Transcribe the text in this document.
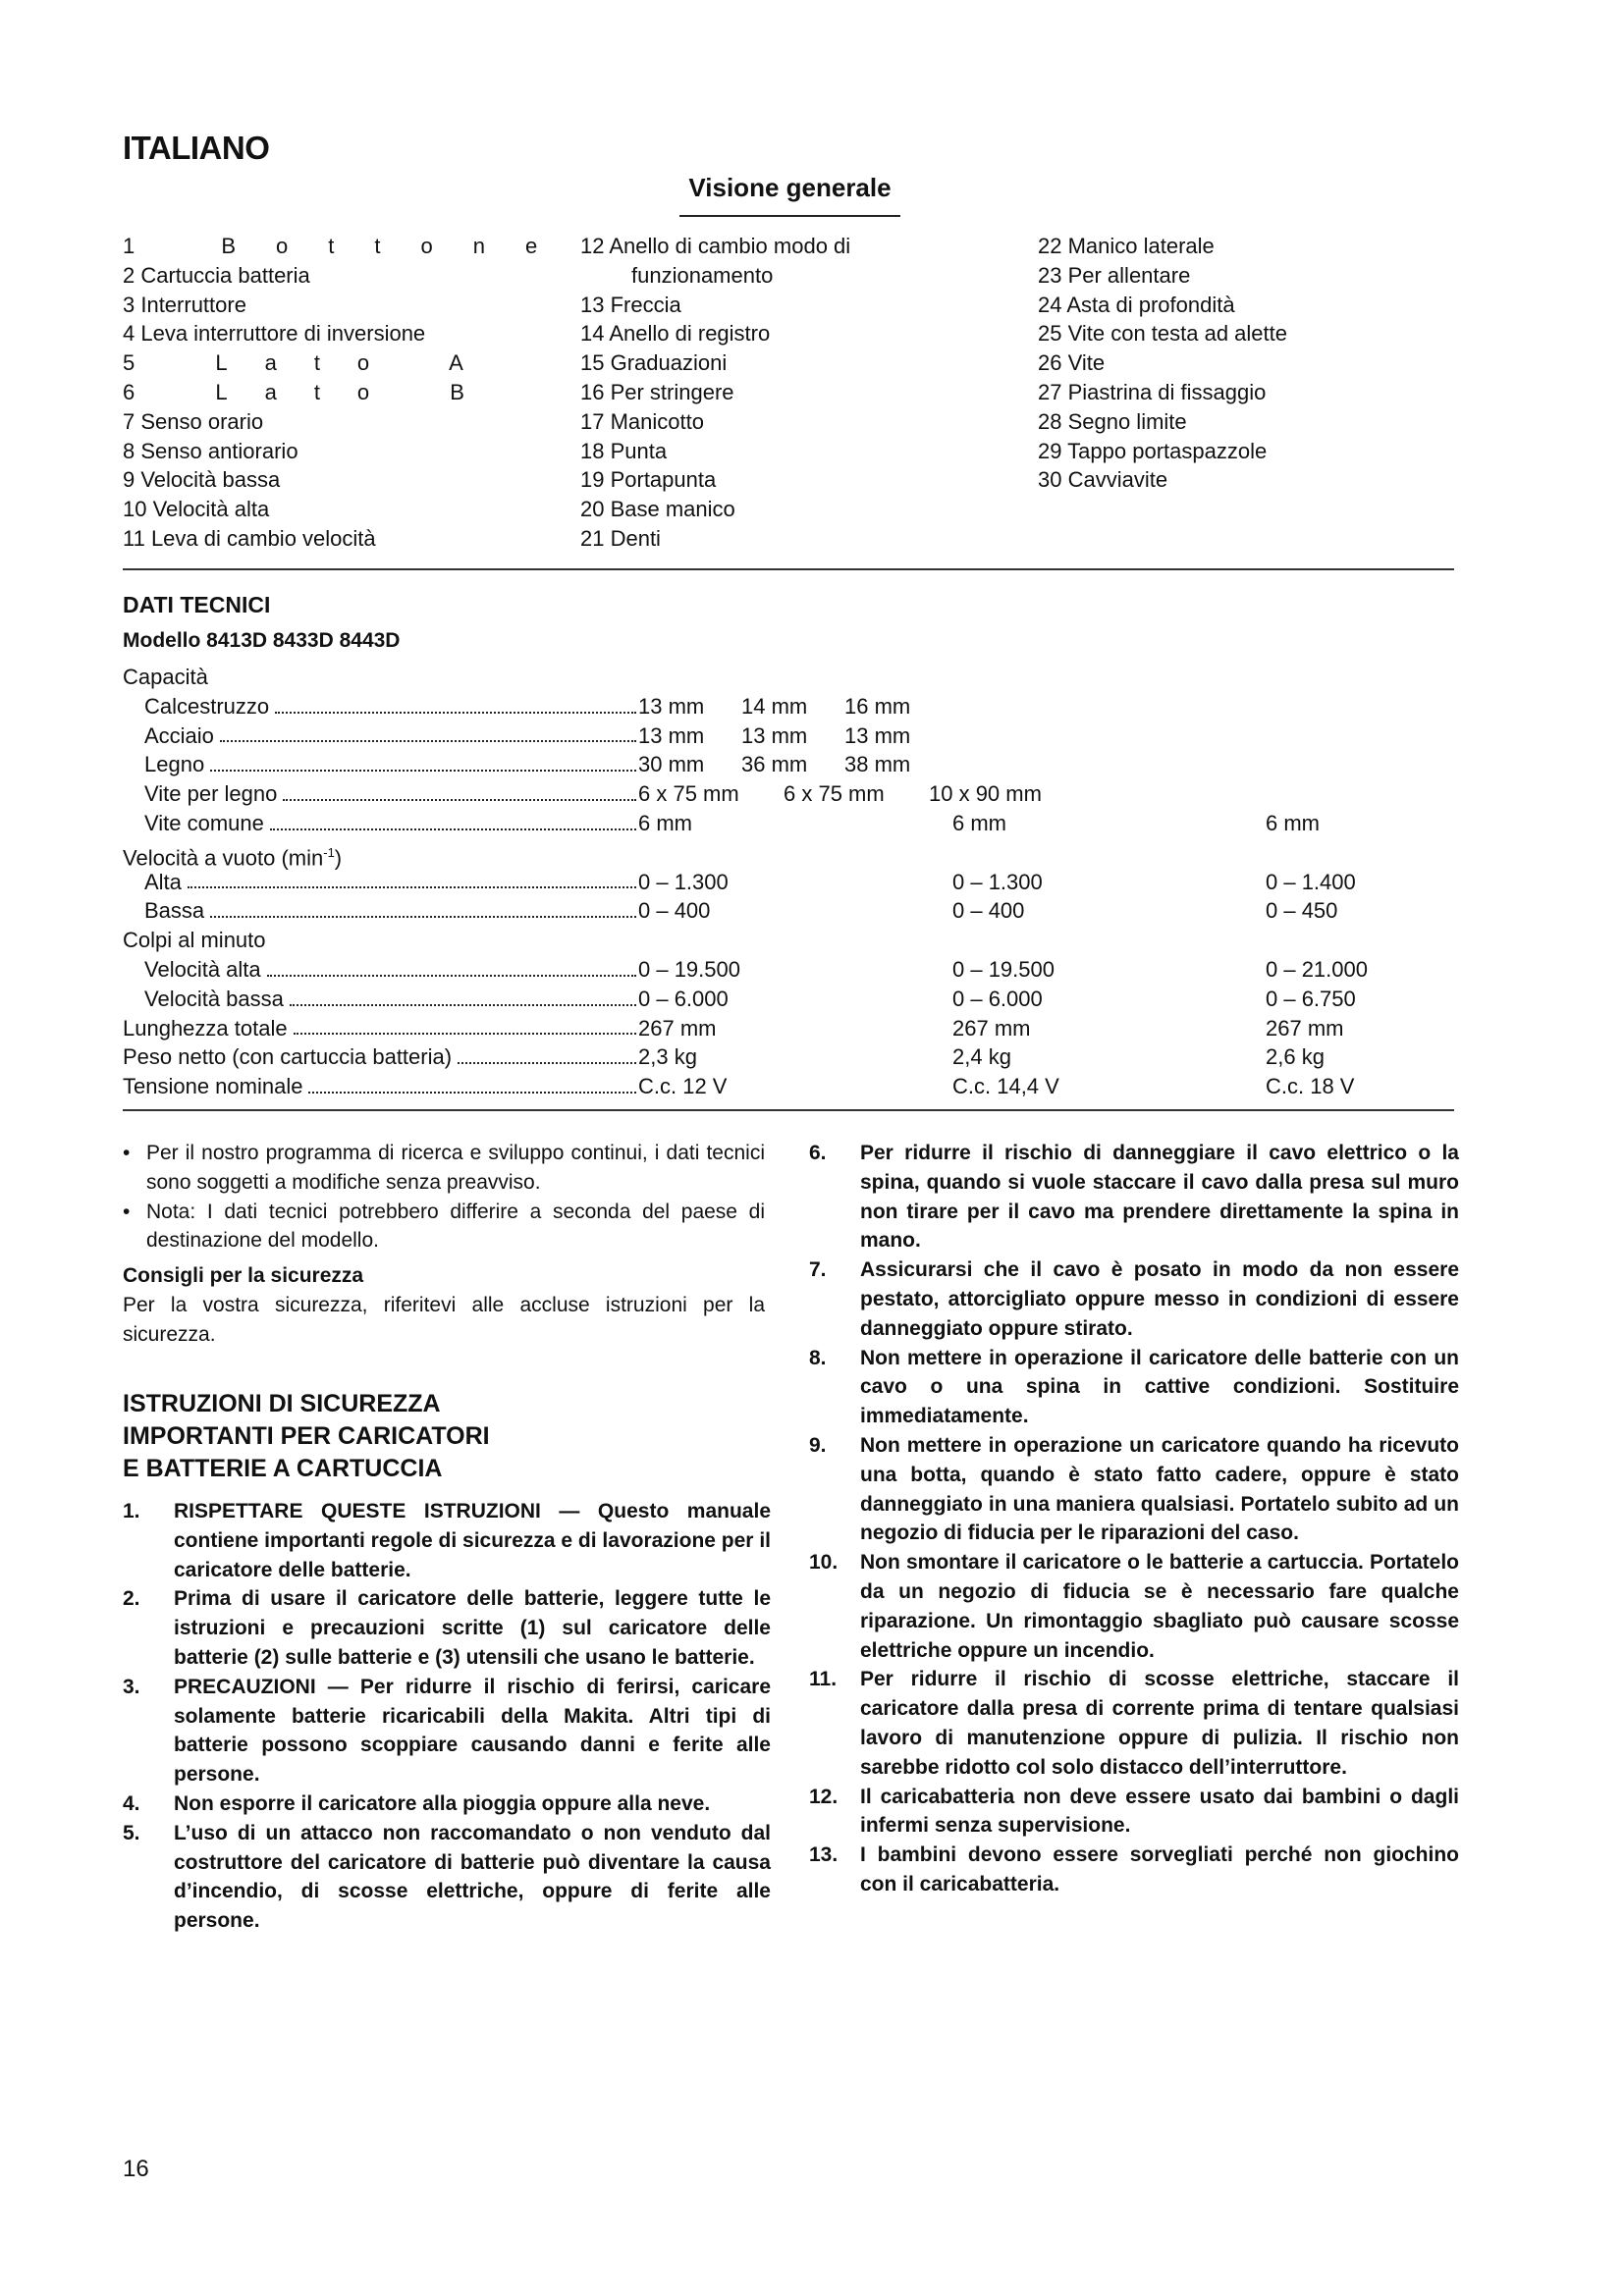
ITALIANO
Visione generale
1 Bottone
2 Cartuccia batteria
3 Interruttore
4 Leva interruttore di inversione
5 Lato A
6 Lato B
7 Senso orario
8 Senso antiorario
9 Velocità bassa
10 Velocità alta
11 Leva di cambio velocità
12 Anello di cambio modo di
funzionamento
13 Freccia
14 Anello di registro
15 Graduazioni
16 Per stringere
17 Manicotto
18 Punta
19 Portapunta
20 Base manico
21 Denti
22 Manico laterale
23 Per allentare
24 Asta di profondità
25 Vite con testa ad alette
26 Vite
27 Piastrina di fissaggio
28 Segno limite
29 Tappo portaspazzole
30 Cavviavite
DATI TECNICI
Modello 8413D 8433D 8443D
Capacità
Calcestruzzo	13 mm 14 mm 16 mm
Acciaio	13 mm 13 mm 13 mm
Legno	30 mm 36 mm 38 mm
Vite per legno	6 x 75 mm 6 x 75 mm 10 x 90 mm
Vite comune	6 mm	6 mm	6 mm
Velocità a vuoto $(\min^{-1})$
Alta	0 – 1.300	0 – 1.300	0 – 1.400
Bassa	0 – 400	0 – 400	0 – 450
Colpi al minuto
Velocità alta	0 – 19.500	0 – 19.500	0 – 21.000
Velocità bassa	0 – 6.000	0 – 6.000	0 – 6.750
Lunghezza totale	267 mm	267 mm	267 mm
Peso netto (con cartuccia batteria)	2,3 kg	2,4 kg	2,6 kg
Tensione nominale	C.c. 12 V	C.c. 14,4 V	C.c. 18 V
• Per il nostro programma di ricerca e sviluppo continui, i dati tecnici sono soggetti a modifiche senza preavviso.

• Nota: I dati tecnici potrebbero differire a seconda del paese di destinazione del modello.

Consigli per la sicurezza

Per la vostra sicurezza, riferitevi alle accluse istruzioni per la sicurezza.

ISTRUZIONI DI SICUREZZA
IMPORTANTI PER CARICATORI
E BATTERIE A CARTUCCIA
1.	RISPETTARE QUESTE ISTRUZIONI — Questo manuale contiene importanti regole di sicurezza e di lavorazione per il caricatore delle batterie.
2.	Prima di usare il caricatore delle batterie, leggere tutte le istruzioni e precauzioni scritte (1) sul caricatore delle batterie (2) sulle batterie e (3) utensili che usano le batterie.
3.	PRECAUZIONI — Per ridurre il rischio di ferirsi, caricare solamente batterie ricaricabili della Makita. Altri tipi di batterie possono scoppiare causando danni e ferite alle persone.
4.	Non esporre il caricatore alla pioggia oppure alla neve.
5.	L’uso di un attacco non raccomandato o non venduto dal costruttore del caricatore di batterie può diventare la causa d’incendio, di scosse elettriche, oppure di ferite alle persone.
6.	Per ridurre il rischio di danneggiare il cavo elettrico o la spina, quando si vuole staccare il cavo dalla presa sul muro non tirare per il cavo ma prendere direttamente la spina in mano.
7.	Assicurarsi che il cavo è posato in modo da non essere pestato, attorcigliato oppure messo in condizioni di essere danneggiato oppure stirato.
8.	Non mettere in operazione il caricatore delle batterie con un cavo o una spina in cattive condizioni. Sostituire immediatamente.
9.	Non mettere in operazione un caricatore quando ha ricevuto una botta, quando è stato fatto cadere, oppure è stato danneggiato in una maniera qualsiasi. Portatelo subito ad un negozio di fiducia per le riparazioni del caso.
10.	Non smontare il caricatore o le batterie a cartuccia. Portatelo da un negozio di fiducia se è necessario fare qualche riparazione. Un rimontaggio sbagliato può causare scosse elettriche oppure un incendio.
11.	Per ridurre il rischio di scosse elettriche, staccare il caricatore dalla presa di corrente prima di tentare qualsiasi lavoro di manutenzione oppure di pulizia. Il rischio non sarebbe ridotto col solo distacco dell’interruttore.
12.	Il caricabatteria non deve essere usato dai bambini o dagli infermi senza supervisione.
13.	I bambini devono essere sorvegliati perché non giochino con il caricabatteria.
16
